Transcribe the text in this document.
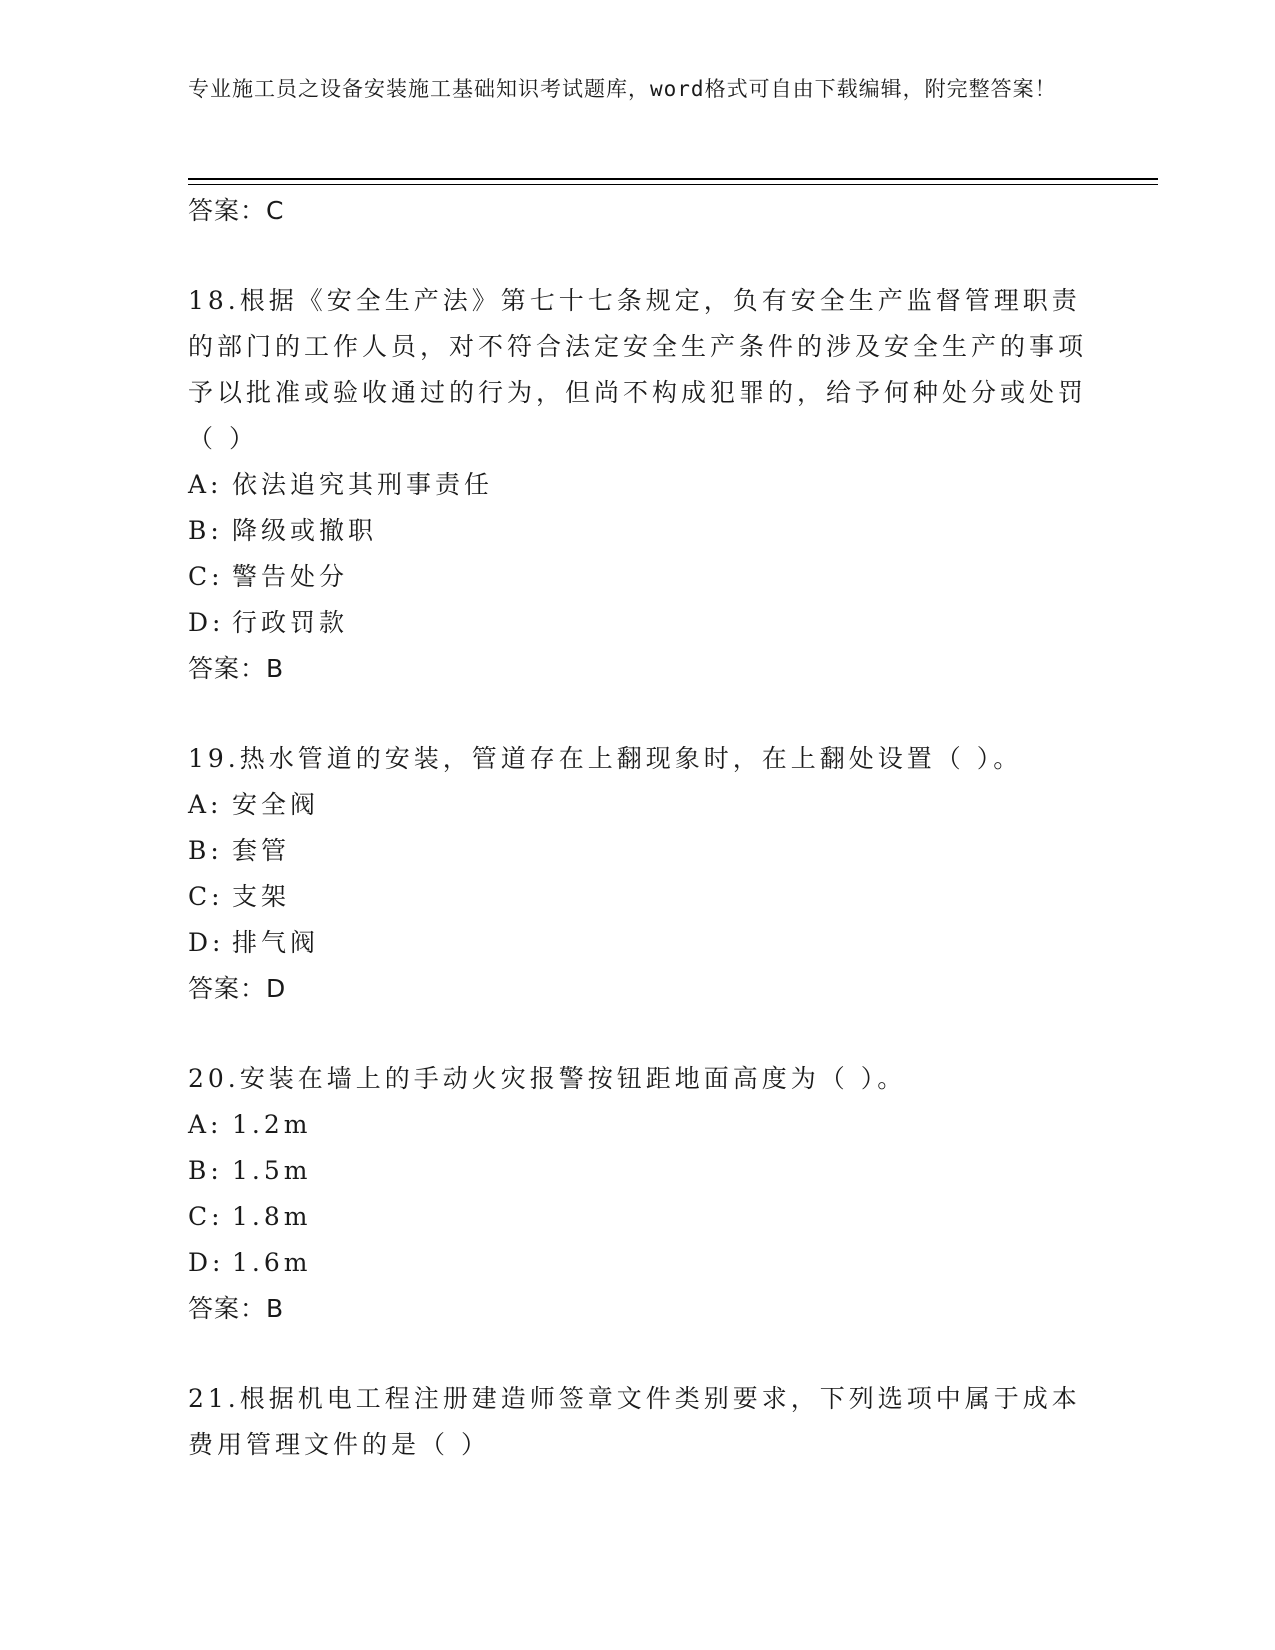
专业施工员之设备安装施工基础知识考试题库，word格式可自由下载编辑，附完整答案！
答案：C
18.根据《安全生产法》第七十七条规定，负有安全生产监督管理职责的部门的工作人员，对不符合法定安全生产条件的涉及安全生产的事项予以批准或验收通过的行为，但尚不构成犯罪的，给予何种处分或处罚（ ）
A: 依法追究其刑事责任
B: 降级或撤职
C: 警告处分
D: 行政罚款
答案：B
19.热水管道的安装，管道存在上翻现象时，在上翻处设置（ ）。
A: 安全阀
B: 套管
C: 支架
D: 排气阀
答案：D
20.安装在墙上的手动火灾报警按钮距地面高度为（ ）。
A: 1.2m
B: 1.5m
C: 1.8m
D: 1.6m
答案：B
21.根据机电工程注册建造师签章文件类别要求，下列选项中属于成本费用管理文件的是（ ）
